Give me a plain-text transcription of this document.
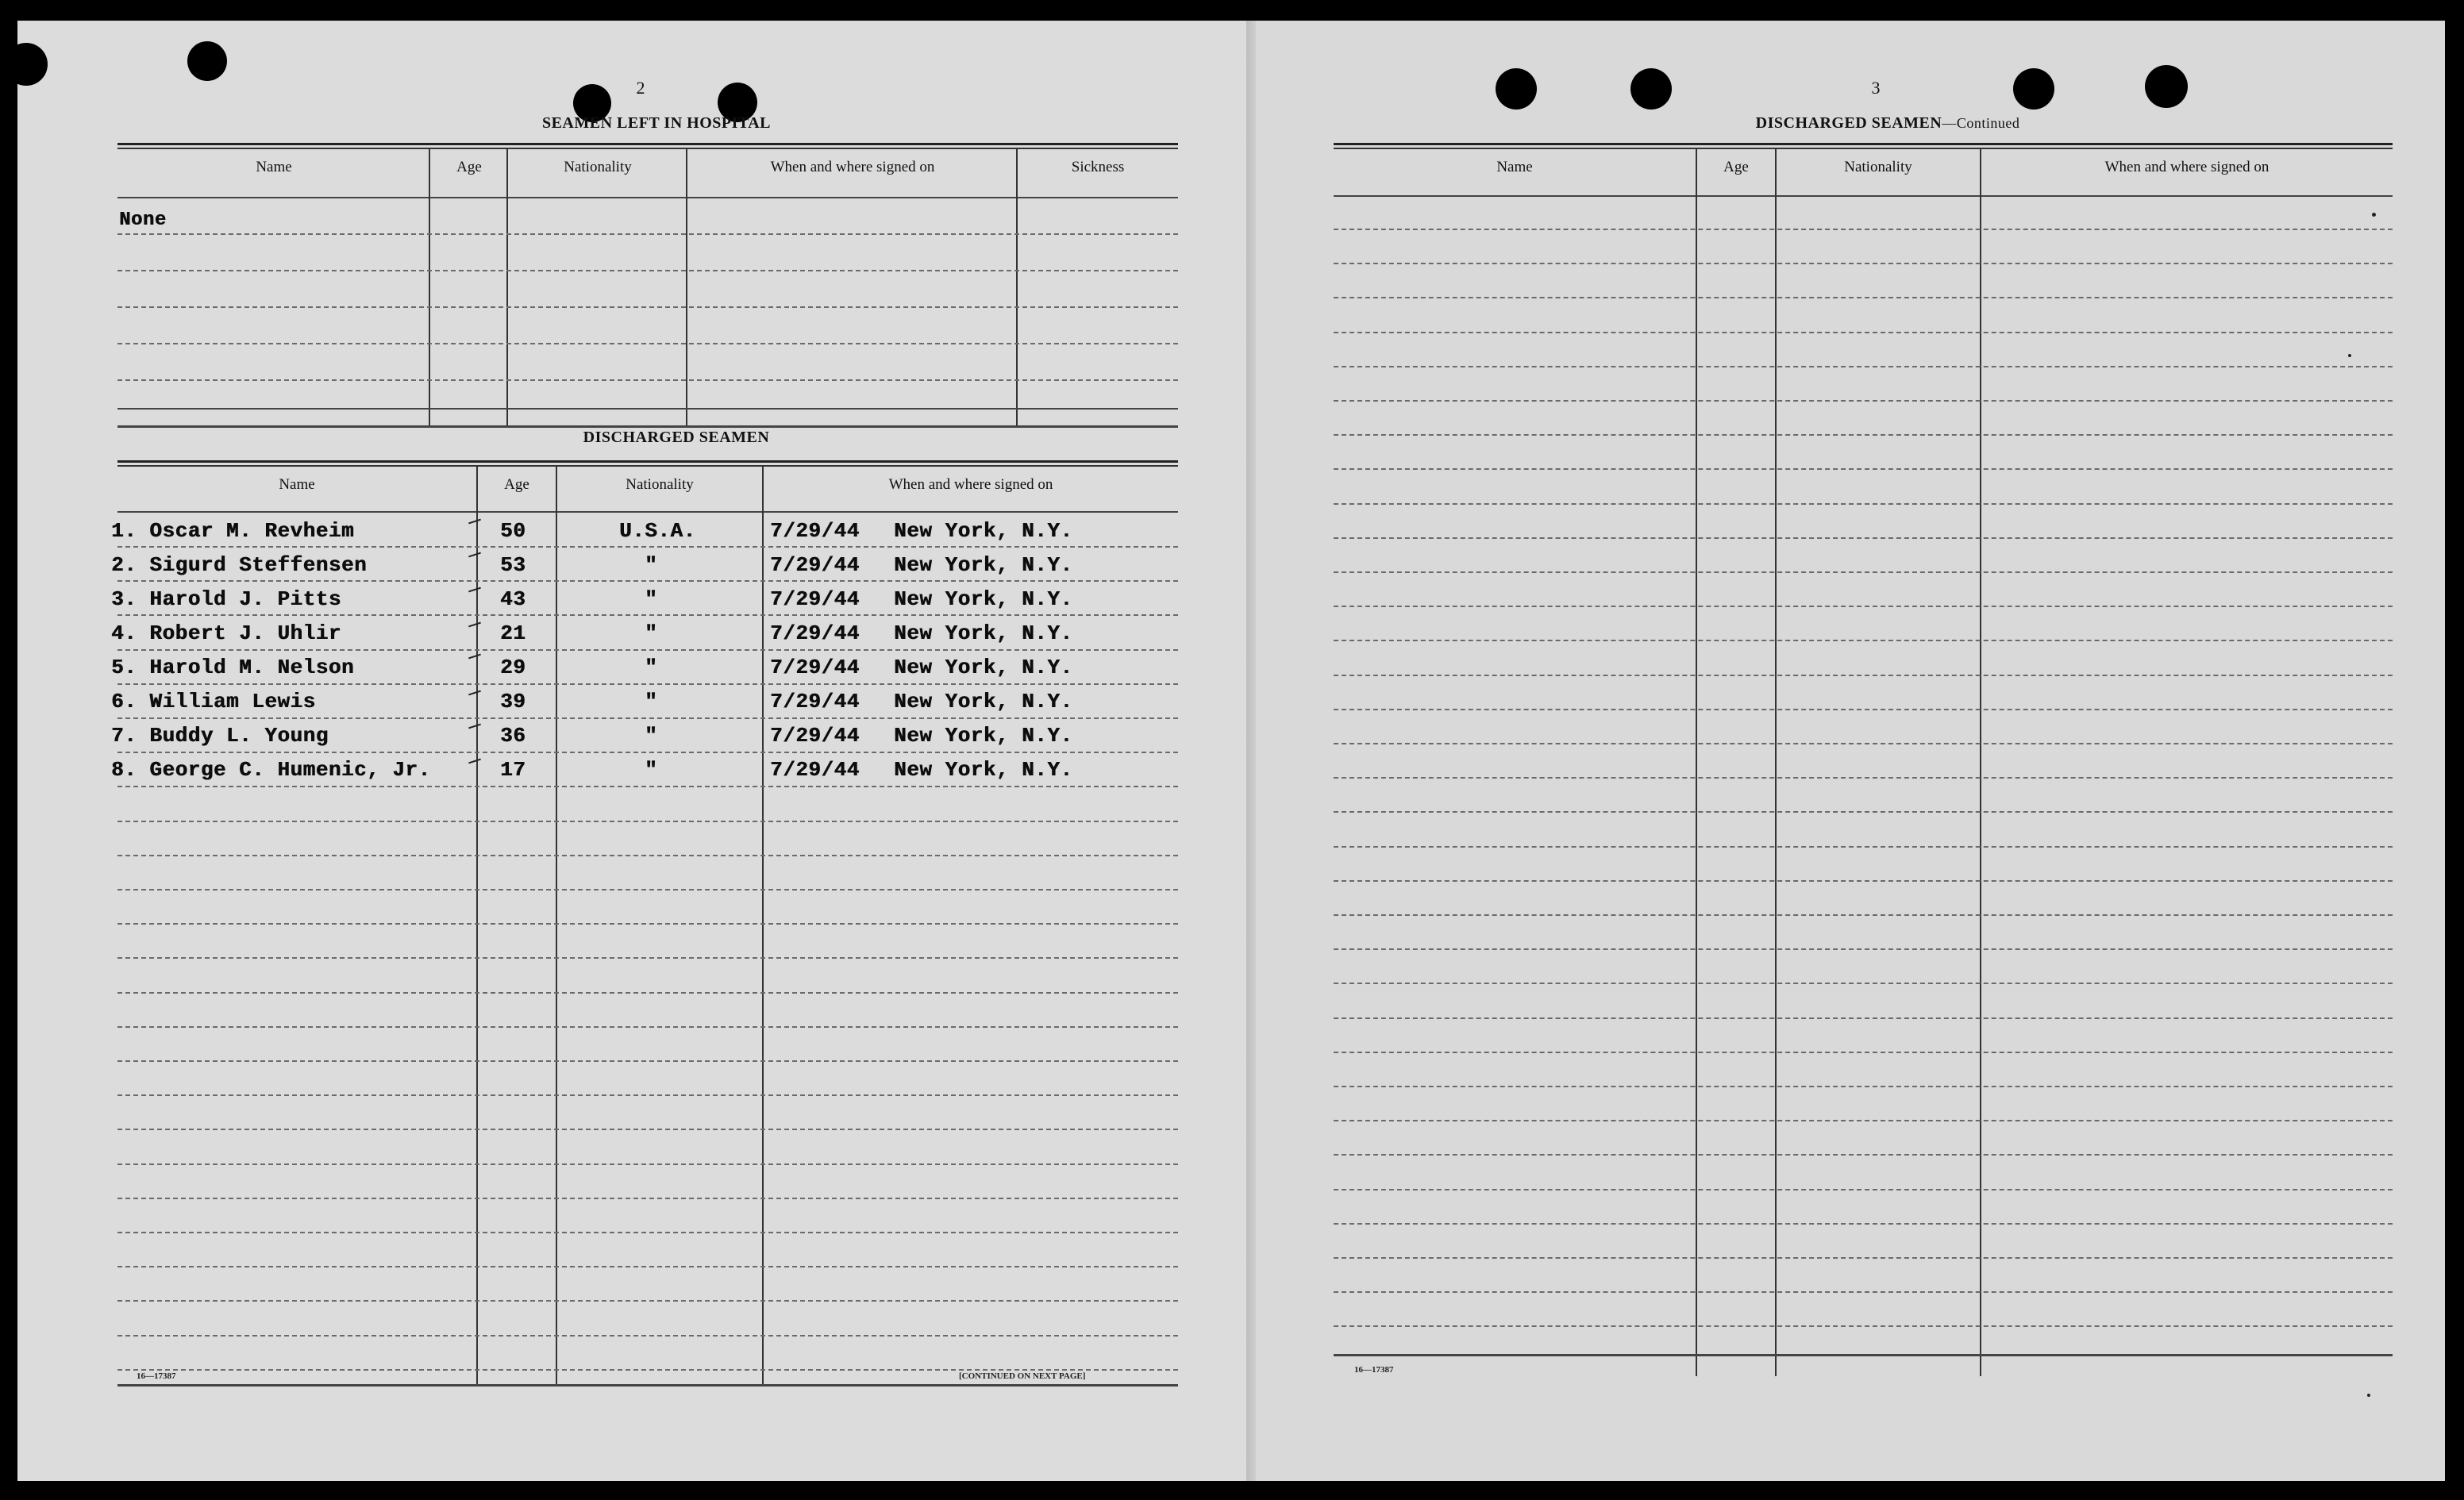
2
SEAMEN LEFT IN HOSPITAL
Name	Age	Nationality	When and where signed on	Sickness
None
DISCHARGED SEAMEN
Name	Age	Nationality	When and where signed on
1. Oscar M. Revheim	50	U.S.A.	7/29/44 New York, N.Y.
2. Sigurd Steffensen	53	"	7/29/44 New York, N.Y.
3. Harold J. Pitts	43	"	7/29/44 New York, N.Y.
4. Robert J. Uhlir	21	"	7/29/44 New York, N.Y.
5. Harold M. Nelson	29	"	7/29/44 New York, N.Y.
6. William Lewis	39	"	7/29/44 New York, N.Y.
7. Buddy L. Young	36	"	7/29/44 New York, N.Y.
8. George C. Humenic, Jr.	17	"	7/29/44 New York, N.Y.
16—17387	[CONTINUED ON NEXT PAGE]
3
DISCHARGED SEAMEN—Continued
Name	Age	Nationality	When and where signed on
16—17387
